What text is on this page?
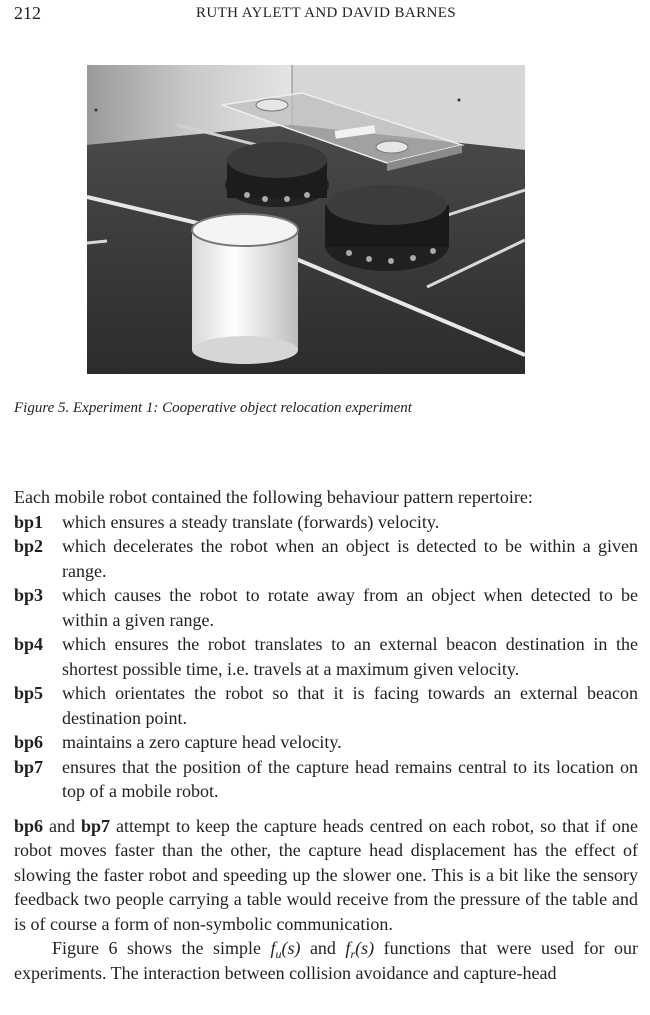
212	RUTH AYLETT AND DAVID BARNES
Figure 5. Experiment 1: Cooperative object relocation experiment

Each mobile robot contained the following behaviour pattern repertoire:

bp1	which ensures a steady translate (forwards) velocity.
bp2	which decelerates the robot when an object is detected to be within a given range.
bp3	which causes the robot to rotate away from an object when detected to be within a given range.
bp4	which ensures the robot translates to an external beacon destination in the shortest possible time, i.e. travels at a maximum given velocity.
bp5	which orientates the robot so that it is facing towards an external beacon destination point.
bp6	maintains a zero capture head velocity.
bp7	ensures that the position of the capture head remains central to its location on top of a mobile robot.

bp6 and bp7 attempt to keep the capture heads centred on each robot, so that if one robot moves faster than the other, the capture head displacement has the effect of slowing the faster robot and speeding up the slower one. This is a bit like the sensory feedback two people carrying a table would receive from the pressure of the table and is of course a form of non-symbolic communication.

Figure 6 shows the simple $f_u(s)$ and $f_r(s)$ functions that were used for our experiments. The interaction between collision avoidance and capture-head
